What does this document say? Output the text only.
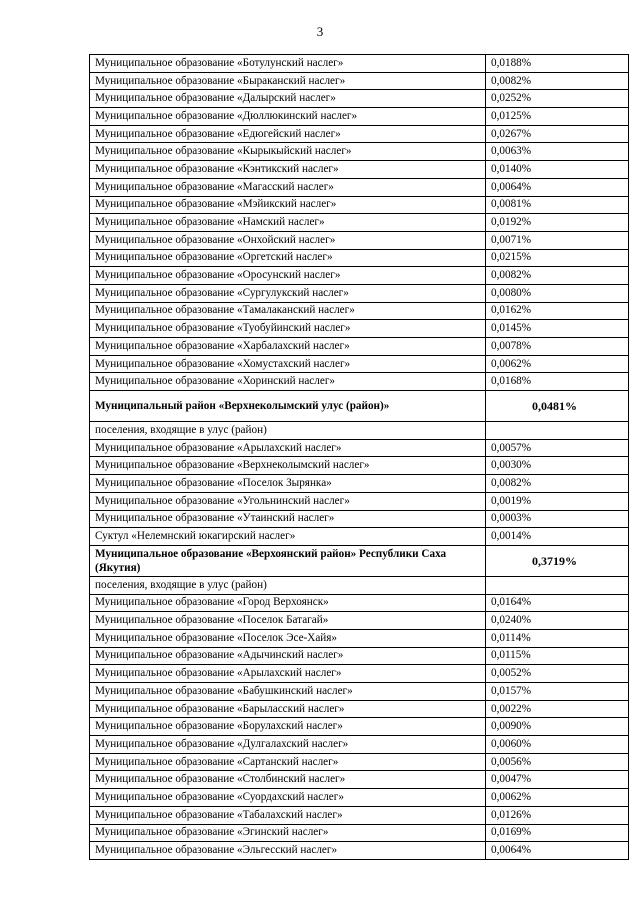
3
Муниципальное образование «Ботулунский наслег»	0,0188%
Муниципальное образование «Быраканский наслег»	0,0082%
Муниципальное образование «Далырский наслег»	0,0252%
Муниципальное образование «Дюллюкинский наслег»	0,0125%
Муниципальное образование «Едюгейский наслег»	0,0267%
Муниципальное образование «Кырыкыйский наслег»	0,0063%
Муниципальное образование «Кэнтикский наслег»	0,0140%
Муниципальное образование «Магасский наслег»	0,0064%
Муниципальное образование «Мэйикский наслег»	0,0081%
Муниципальное образование «Намский наслег»	0,0192%
Муниципальное образование «Онхойский наслег»	0,0071%
Муниципальное образование «Оргетский наслег»	0,0215%
Муниципальное образование «Оросунский наслег»	0,0082%
Муниципальное образование «Сургулукский наслег»	0,0080%
Муниципальное образование «Тамалаканский наслег»	0,0162%
Муниципальное образование «Туобуйинский наслег»	0,0145%
Муниципальное образование «Харбалахский наслег»	0,0078%
Муниципальное образование «Хомустахский наслег»	0,0062%
Муниципальное образование «Хоринский наслег»	0,0168%
Муниципальный район «Верхнеколымский улус (район)»	0,0481%
поселения, входящие в улус (район)	
Муниципальное образование «Арылахский наслег»	0,0057%
Муниципальное образование «Верхнеколымский наслег»	0,0030%
Муниципальное образование «Поселок Зырянка»	0,0082%
Муниципальное образование «Угольнинский наслег»	0,0019%
Муниципальное образование «Утаинский наслег»	0,0003%
Суктул «Нелемнский юкагирский наслег»	0,0014%
Муниципальное образование «Верхоянский район» Республики Саха (Якутия)	0,3719%
поселения, входящие в улус (район)	
Муниципальное образование «Город Верхоянск»	0,0164%
Муниципальное образование «Поселок Батагай»	0,0240%
Муниципальное образование «Поселок Эсе-Хайя»	0,0114%
Муниципальное образование «Адычинский наслег»	0,0115%
Муниципальное образование «Арылахский наслег»	0,0052%
Муниципальное образование «Бабушкинский наслег»	0,0157%
Муниципальное образование «Барыласский наслег»	0,0022%
Муниципальное образование «Борулахский наслег»	0,0090%
Муниципальное образование «Дулгалахский наслег»	0,0060%
Муниципальное образование «Сартанский наслег»	0,0056%
Муниципальное образование «Столбинский наслег»	0,0047%
Муниципальное образование «Суордахский наслег»	0,0062%
Муниципальное образование «Табалахский наслег»	0,0126%
Муниципальное образование «Эгинский наслег»	0,0169%
Муниципальное образование «Эльгесский наслег»	0,0064%
